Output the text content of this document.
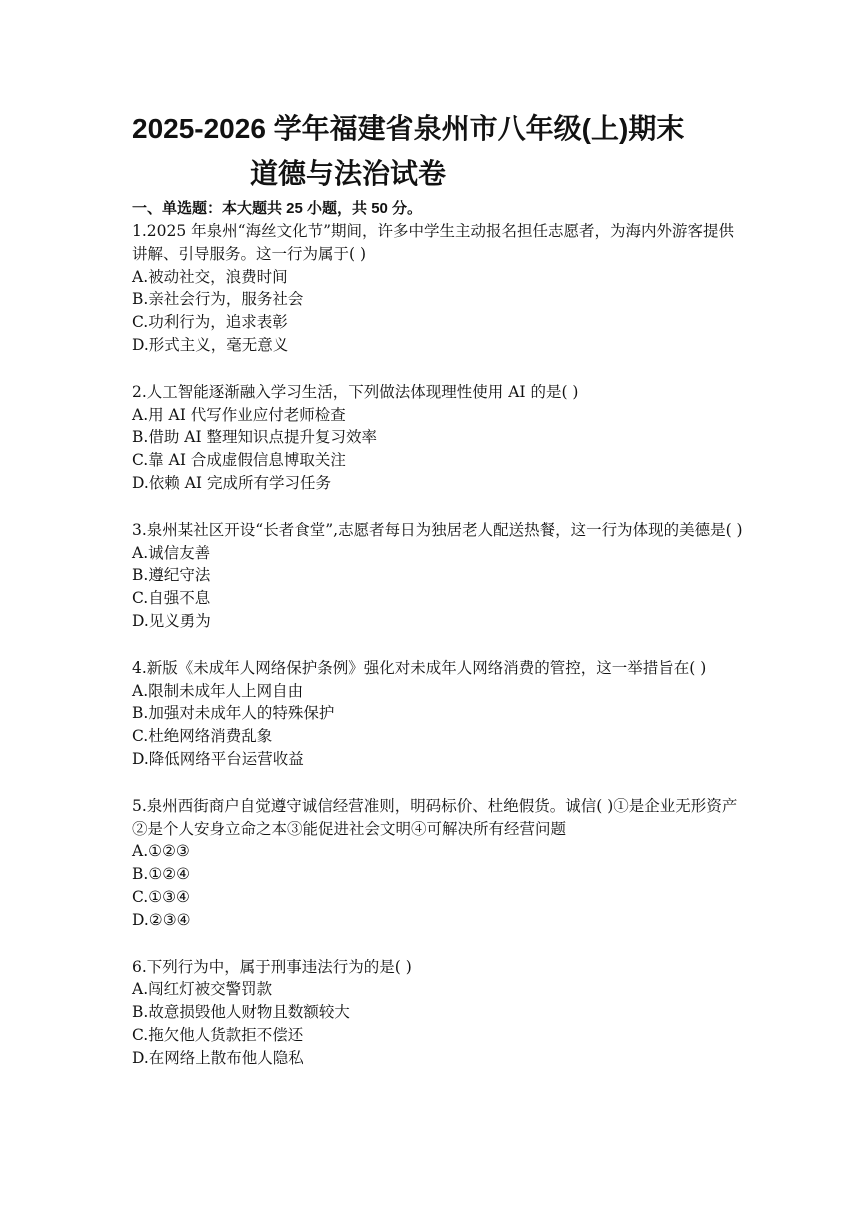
2025-2026 学年福建省泉州市八年级(上)期末
道德与法治试卷
一、单选题：本大题共 25 小题，共 50 分。

1.2025 年泉州“海丝文化节”期间，许多中学生主动报名担任志愿者，为海内外游客提供讲解、引导服务。这一行为属于( )

A.被动社交，浪费时间

B.亲社会行为，服务社会

C.功利行为，追求表彰

D.形式主义，毫无意义

2.人工智能逐渐融入学习生活，下列做法体现理性使用 AI 的是( )

A.用 AI 代写作业应付老师检查

B.借助 AI 整理知识点提升复习效率

C.靠 AI 合成虚假信息博取关注

D.依赖 AI 完成所有学习任务

3.泉州某社区开设“长者食堂”,志愿者每日为独居老人配送热餐，这一行为体现的美德是( )

A.诚信友善

B.遵纪守法

C.自强不息

D.见义勇为

4.新版《未成年人网络保护条例》强化对未成年人网络消费的管控，这一举措旨在( )

A.限制未成年人上网自由

B.加强对未成年人的特殊保护

C.杜绝网络消费乱象

D.降低网络平台运营收益

5.泉州西街商户自觉遵守诚信经营准则，明码标价、杜绝假货。诚信( )①是企业无形资产②是个人安身立命之本③能促进社会文明④可解决所有经营问题

A.①②③

B.①②④

C.①③④

D.②③④

6.下列行为中，属于刑事违法行为的是( )

A.闯红灯被交警罚款

B.故意损毁他人财物且数额较大

C.拖欠他人货款拒不偿还

D.在网络上散布他人隐私
